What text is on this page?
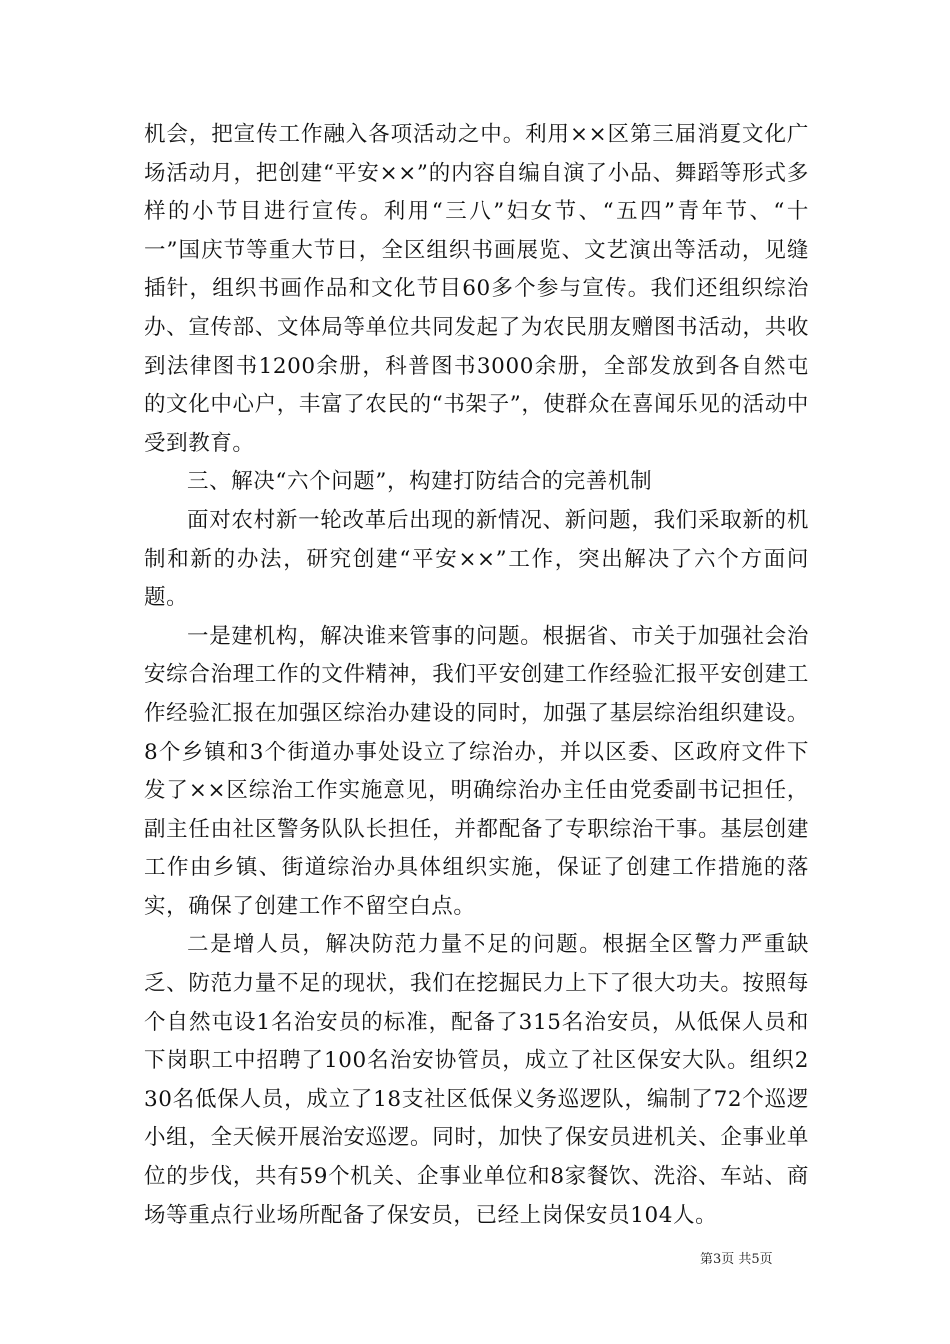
机会，把宣传工作融入各项活动之中。利用××区第三届消夏文化广场活动月，把创建“平安××”的内容自编自演了小品、舞蹈等形式多样的小节目进行宣传。利用“三八”妇女节、“五四”青年节、“十一”国庆节等重大节日，全区组织书画展览、文艺演出等活动，见缝插针，组织书画作品和文化节目60多个参与宣传。我们还组织综治办、宣传部、文体局等单位共同发起了为农民朋友赠图书活动，共收到法律图书1200余册，科普图书3000余册，全部发放到各自然屯的文化中心户，丰富了农民的“书架子”，使群众在喜闻乐见的活动中受到教育。

三、解决“六个问题”，构建打防结合的完善机制

面对农村新一轮改革后出现的新情况、新问题，我们采取新的机制和新的办法，研究创建“平安××”工作，突出解决了六个方面问题。

一是建机构，解决谁来管事的问题。根据省、市关于加强社会治安综合治理工作的文件精神，我们平安创建工作经验汇报平安创建工作经验汇报在加强区综治办建设的同时，加强了基层综治组织建设。8个乡镇和3个街道办事处设立了综治办，并以区委、区政府文件下发了××区综治工作实施意见，明确综治办主任由党委副书记担任，副主任由社区警务队队长担任，并都配备了专职综治干事。基层创建工作由乡镇、街道综治办具体组织实施，保证了创建工作措施的落实，确保了创建工作不留空白点。

二是增人员，解决防范力量不足的问题。根据全区警力严重缺乏、防范力量不足的现状，我们在挖掘民力上下了很大功夫。按照每个自然屯设1名治安员的标准，配备了315名治安员，从低保人员和下岗职工中招聘了100名治安协管员，成立了社区保安大队。组织230名低保人员，成立了18支社区低保义务巡逻队，编制了72个巡逻小组，全天候开展治安巡逻。同时，加快了保安员进机关、企事业单位的步伐，共有59个机关、企事业单位和8家餐饮、洗浴、车站、商场等重点行业场所配备了保安员，已经上岗保安员104人。

第3页 共5页
